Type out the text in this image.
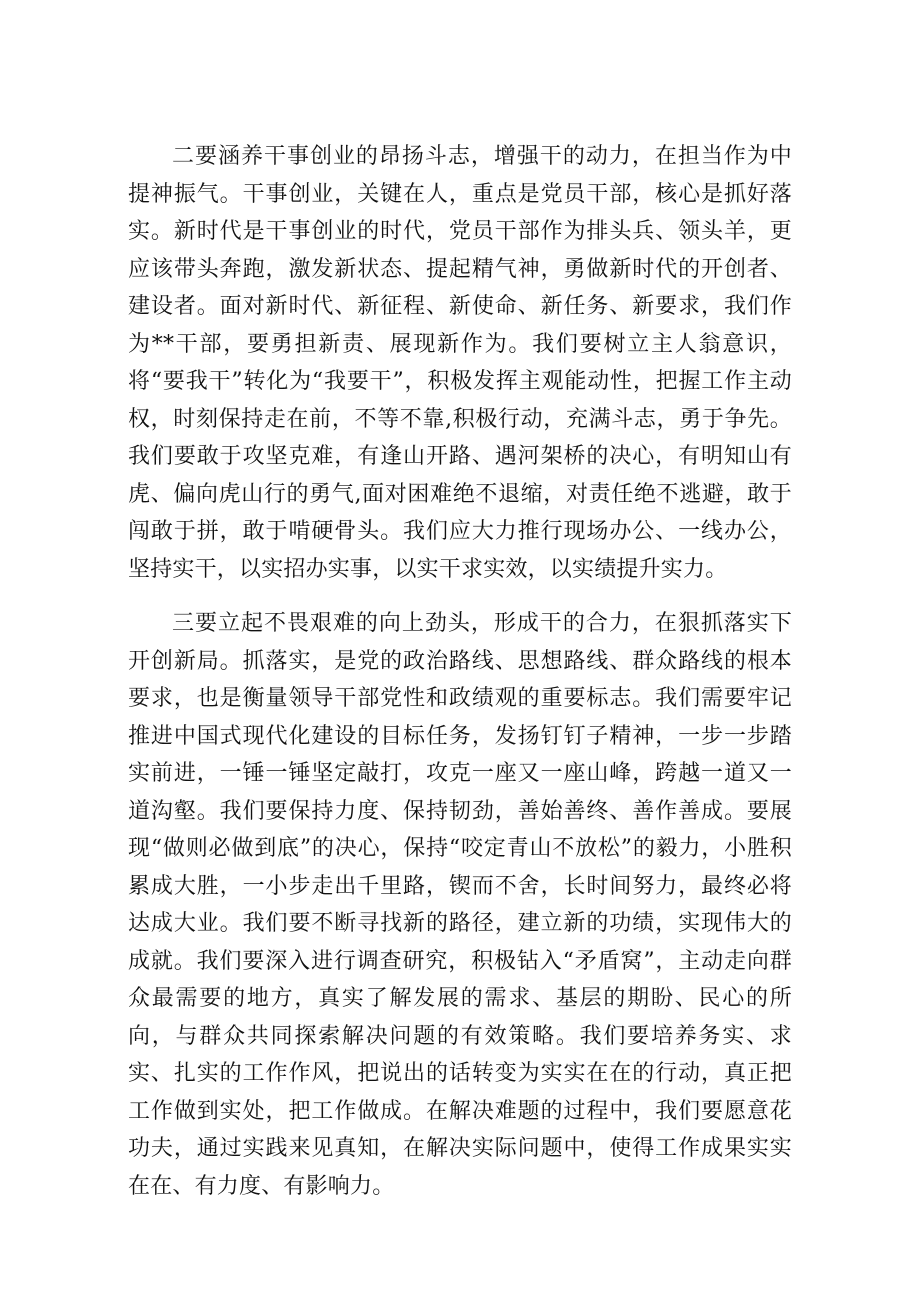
二要涵养干事创业的昂扬斗志，增强干的动力，在担当作为中提神振气。干事创业，关键在人，重点是党员干部，核心是抓好落实。新时代是干事创业的时代，党员干部作为排头兵、领头羊，更应该带头奔跑，激发新状态、提起精气神，勇做新时代的开创者、建设者。面对新时代、新征程、新使命、新任务、新要求，我们作为**干部，要勇担新责、展现新作为。我们要树立主人翁意识，将“要我干”转化为“我要干”，积极发挥主观能动性，把握工作主动权，时刻保持走在前，不等不靠,积极行动，充满斗志，勇于争先。我们要敢于攻坚克难，有逢山开路、遇河架桥的决心，有明知山有虎、偏向虎山行的勇气,面对困难绝不退缩，对责任绝不逃避，敢于闯敢于拼，敢于啃硬骨头。我们应大力推行现场办公、一线办公，坚持实干，以实招办实事，以实干求实效，以实绩提升实力。

三要立起不畏艰难的向上劲头，形成干的合力，在狠抓落实下开创新局。抓落实，是党的政治路线、思想路线、群众路线的根本要求，也是衡量领导干部党性和政绩观的重要标志。我们需要牢记推进中国式现代化建设的目标任务，发扬钉钉子精神，一步一步踏实前进，一锤一锤坚定敲打，攻克一座又一座山峰，跨越一道又一道沟壑。我们要保持力度、保持韧劲，善始善终、善作善成。要展现“做则必做到底”的决心，保持“咬定青山不放松”的毅力，小胜积累成大胜，一小步走出千里路，锲而不舍，长时间努力，最终必将达成大业。我们要不断寻找新的路径，建立新的功绩，实现伟大的成就。我们要深入进行调查研究，积极钻入“矛盾窝”，主动走向群众最需要的地方，真实了解发展的需求、基层的期盼、民心的所向，与群众共同探索解决问题的有效策略。我们要培养务实、求实、扎实的工作作风，把说出的话转变为实实在在的行动，真正把工作做到实处，把工作做成。在解决难题的过程中，我们要愿意花功夫，通过实践来见真知，在解决实际问题中，使得工作成果实实在在、有力度、有影响力。
